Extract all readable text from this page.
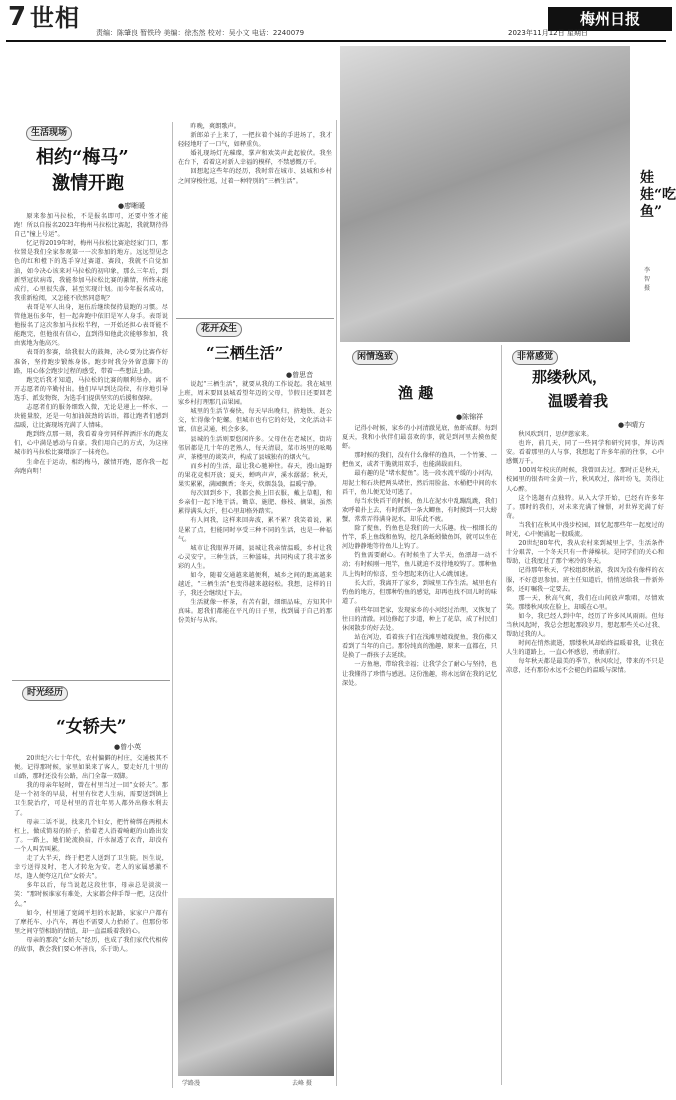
7 世相
责编：陈肇良 暂铁玲 美编：徐杰然 校对：吴小文 电话：2240079
梅州日报
2023年11月12日 星期日
生活现场
相约“梅马”
激情开跑
●廖晰暖

原来参加马拉松，不是报名即可，还要中签才能跑！所以自报名2023年梅州马拉松比赛起，我就期待得自己“撞上号运”。

忆记得2019年时，梅州马拉松比赛途经家门口，那位置是我们全家参观第一一次参加的地方。远远望见念色的红和橙下的选手穿过赛道、赛段，我就不自觉加油，如今决心该来对马拉松的初印象，那么三年后，到新型冠状病毒，我能参加马拉松比赛的激情，所终未能成行，心里很失落，甚至实现计划。而今年报名成功，我重新检阅，又怎能不欣然同意呢？

表哥是军人出身，退伍后继续保持晨跑的习惯。尽管他退伍多年，但一起奔跑中依旧是军人身手。表哥说他报名了这次参加马拉松半程，一开始还担心表哥能不能跑完，但他很有信心，直到得知他此次能够参加，我由衷地为他高兴。

表哥的参赛，给我很大的鼓舞，决心要为比赛作好准备，坚持跑步锻炼身体。跑步时我分外留意脚下的路，用心体会跑步过程的感受，带着一些想法上路。

跑完后我才知道，马拉松的比赛的顺利举办，离不开志愿者的辛勤付出。他们早早到达岗位，有序地引导选手、派发物资，为选手们提供坚实的后援和保障。

志愿者们的服务细致入微，无论是递上一杯水、一块能量胶，还是一句加油鼓劲的话语，都让跑者们感到温暖，让比赛现场充满了人情味。

跑到终点那一刻，我看着身旁同样挥洒汗水的跑友们，心中满是感动与自豪。我们用自己的方式，为这座城市的马拉松比赛增添了一抹亮色。

生命在于运动，相约梅马，激情开跑，愿你我一起奔跑向明！

时光经历
“女轿夫”
●曾小英

20世纪六七十年代，农村偏僻的村庄，交通极其不便。记得那时候，家里如果来了客人，要走好几十里的山路，那时还没有公路，出门全靠一双脚。

我的母亲年轻时，曾在村里当过一回“女轿夫”。那是一个初冬的早晨，村里有位老人生病，需要送到镇上卫生院治疗，可是村里的青壮年男人都外出修水利去了。

母亲二话不说，找来几个妇女，把竹椅绑在两根木杠上，做成简易的轿子，抬着老人沿着崎岖的山路出发了。一路上，她们轮流换肩，汗水湿透了衣背，却没有一个人叫苦叫累。

走了大半天，终于把老人送到了卫生院。医生说，幸亏送得及时，老人才转危为安。老人的家属感激不尽，逢人便夸这几位“女轿夫”。

多年以后，每当说起这段往事，母亲总是淡淡一笑：“那时候谁家有难处，大家都会伸手帮一把，这没什么。”

如今，村里通了宽阔平坦的水泥路，家家户户都有了摩托车、小汽车，再也不需要人力抬轿了。但那份邻里之间守望相助的情谊，却一直温暖着我的心。

母亲的那段“女轿夫”经历，也成了我们家代代相传的故事，教会我们要心怀善良，乐于助人。

昨晚，爽朗歌声。

新郎弟子上来了，一把拉着个妹的手进场了，我才轻轻地吁了一口气，如释重负。

婚礼现场灯光璀璨，掌声和欢笑声此起彼伏。我坐在台下，看着这对新人幸福的模样，不禁感慨万千。

回想起这些年的经历，我时常在城市、县城和乡村之间穿梭往返，过着一种特别的“三栖生活”。

花开众生
“三栖生活”
●曾思音

说起“三栖生活”，就要从我的工作说起。我在城里上班，周末要回县城看望年迈的父母，节假日还要回老家乡村打理那几亩果园。

城里的生活节奏快，每天早出晚归，挤地铁、赶公交，忙得像个陀螺。但城市也有它的好处，文化活动丰富，信息灵通，机会多多。

县城的生活则要悠闲许多。父母住在老城区，街坊邻居都是几十年的老熟人，每天清晨，菜市场里的吆喝声、茶楼里的谈笑声，构成了县城独有的烟火气。

而乡村的生活，最让我心驰神往。春天，漫山遍野的果花竞相开放；夏天，蝉鸣声声，溪水潺潺；秋天，果实累累，满园飘香；冬天，炊烟袅袅，温暖宁静。

每次回到乡下，我都会换上旧衣服，戴上草帽，和乡亲们一起下地干活。锄草、施肥、修枝、摘果，虽然累得满头大汗，但心里却格外踏实。

有人问我，这样来回奔波，累不累？我笑着说，累是累了点，但能同时享受三种不同的生活，也是一种福气。

城市让我眼界开阔，县城让我亲情温暖，乡村让我心灵安宁。三种生活，三种滋味，共同构成了我丰富多彩的人生。

如今，随着交通越来越便利，城乡之间的距离越来越近，“三栖生活”也变得越来越轻松。我想，这样的日子，我还会继续过下去。

生活就像一杯茶，有苦有甜，细细品味，方知其中真味。愿我们都能在平凡的日子里，找到属于自己的那份美好与从容。

学路漫	去峰 摄
娃娃“吃鱼”
李智 摄
闲情逸致
渔 趣
●陈锦祥

记得小时候，家乡的小河清澈见底，鱼虾成群。每到夏天，我和小伙伴们最喜欢的事，就是到河里去摸鱼捉虾。

那时候的我们，没有什么像样的渔具，一个竹篓、一把鱼叉，或者干脆就用双手，也能满载而归。

最有趣的是“堵水捉鱼”。选一段水流平缓的小河沟，用泥土和石块把两头堵住，然后用脸盆、水桶把中间的水舀干，鱼儿便无处可逃了。

每当水快舀干的时候，鱼儿在泥水中乱蹦乱跳，我们欢呼着扑上去，有时抓到一条大鲫鱼，有时摸到一只大螃蟹，常常弄得满身泥水，却乐此不疲。

除了捉鱼，钓鱼也是我们的一大乐趣。找一根细长的竹竿，系上鱼线和鱼钩，挖几条蚯蚓做鱼饵，就可以坐在河边静静地等待鱼儿上钩了。

钓鱼需要耐心。有时候坐了大半天，鱼漂却一动不动；有时候刚一甩竿，鱼儿就迫不及待地咬钩了。那种鱼儿上钩时的惊喜，至今想起来仍让人心跳加速。

长大后，我离开了家乡，到城里工作生活。城里也有钓鱼的地方，但那种钓鱼的感觉，却再也找不回儿时的味道了。

前些年回老家，发现家乡的小河经过治理，又恢复了往日的清澈。河边修起了步道，种上了花草，成了村民们休闲散步的好去处。

站在河边，看着孩子们在浅滩里嬉戏捉鱼，我仿佛又看到了当年的自己。那份纯真的渔趣，原来一直都在，只是换了一群孩子去延续。

一方鱼塘，带给我幸福；让我学会了耐心与坚持，也让我懂得了珍惜与感恩。这份渔趣，将永远留在我的记忆深处。

非常感觉
那缕秋风，
温暖着我
●李晴方

秋风吹到月，思伊慈家来。

也许，前几天，同了一些同学和研究同事，拜访西安。看着那里的人与事，我想起了许多年前的往事，心中感慨万千。

100周年校庆的时候，我曾回去过。那时正是秋天，校园里的银杏叶金黄一片，秋风吹过，落叶纷飞，美得让人心醉。

这个选题有点独特。从入大学开始，已经有许多年了。那时的我们，对未来充满了憧憬，对世界充满了好奇。

当我们在秋风中漫步校园，回忆起那些年一起度过的时光，心中便涌起一股暖流。

20世纪80年代，我从农村来到城里上学，生活条件十分艰苦，一个冬天只有一件薄棉袄。是同学们的关心和帮助，让我度过了那个寒冷的冬天。

记得那年秋天，学校组织秋游，我因为没有像样的衣服，不好意思参加。班主任知道后，悄悄送给我一件新外套，还叮嘱我一定要去。

那一天，秋高气爽，我们在山间放声歌唱，尽情欢笑。那缕秋风吹在脸上，却暖在心里。

如今，我已经人到中年，经历了许多风风雨雨。但每当秋风起时，我总会想起那段岁月，想起那些关心过我、帮助过我的人。

时间在悄然流逝，那缕秋风却始终温暖着我，让我在人生的道路上，一直心怀感恩，勇敢前行。

每年秋天都是最美的季节，秋风吹过，带来的不只是凉意，还有那份永远不会褪色的温暖与深情。
